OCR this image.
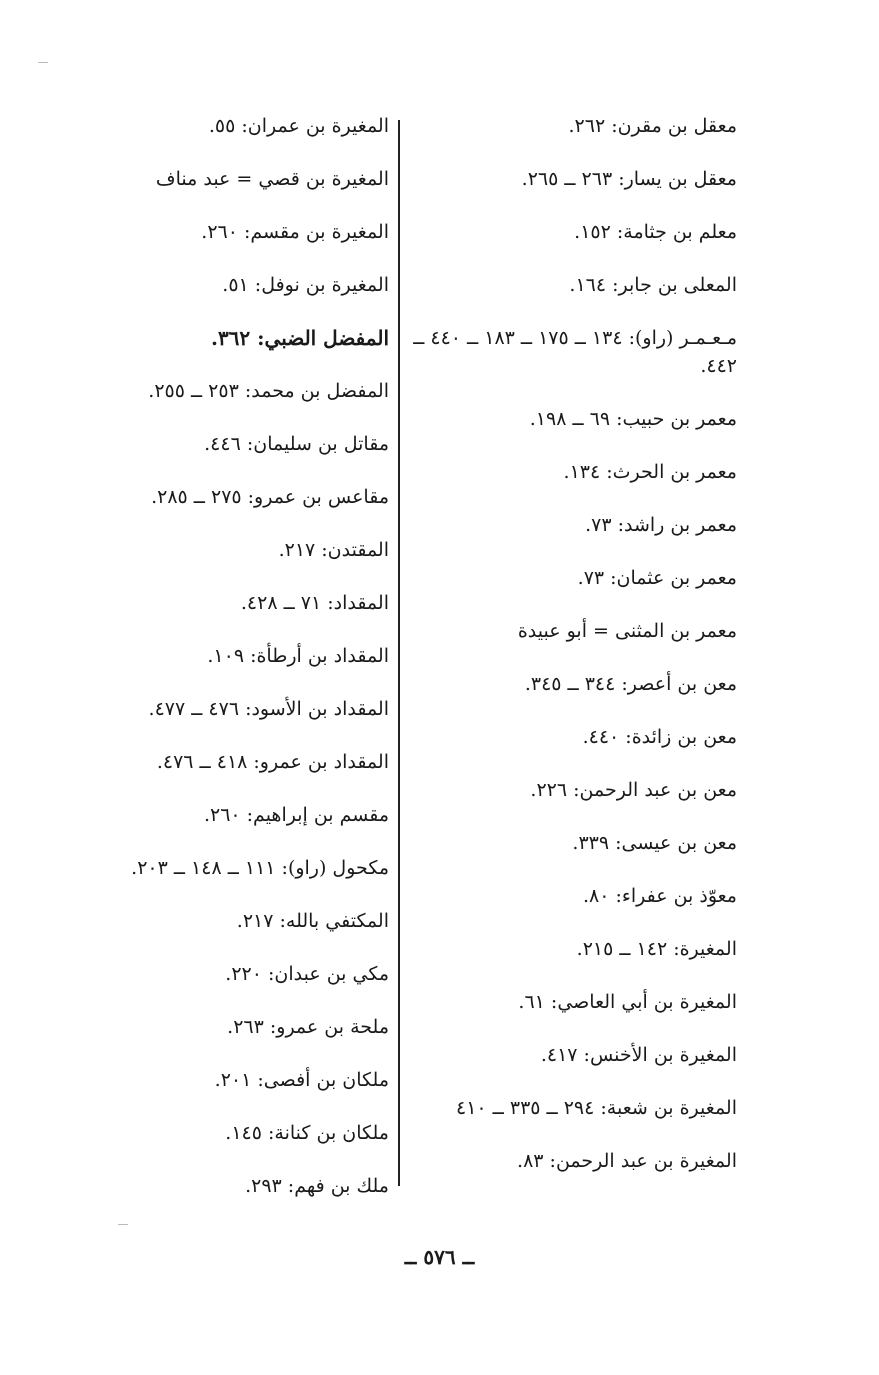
معقل بن مقرن: ٢٦٢.
معقل بن يسار: ٢٦٣ ــ ٢٦٥.
معلم بن جثامة: ١٥٢.
المعلى بن جابر: ١٦٤.
مـعـمـر (راو): ١٣٤ ــ ١٧٥ ــ ١٨٣ ــ ٤٤٠ ــ ٤٤٢.
معمر بن حبيب: ٦٩ ــ ١٩٨.
معمر بن الحرث: ١٣٤.
معمر بن راشد: ٧٣.
معمر بن عثمان: ٧٣.
معمر بن المثنى = أبو عبيدة
معن بن أعصر: ٣٤٤ ــ ٣٤٥.
معن بن زائدة: ٤٤٠.
معن بن عبد الرحمن: ٢٢٦.
معن بن عيسى: ٣٣٩.
معوّذ بن عفراء: ٨٠.
المغيرة: ١٤٢ ــ ٢١٥.
المغيرة بن أبي العاصي: ٦١.
المغيرة بن الأخنس: ٤١٧.
المغيرة بن شعبة: ٢٩٤ ــ ٣٣٥ ــ ٤١٠
المغيرة بن عبد الرحمن: ٨٣.
المغيرة بن عمران: ٥٥.
المغيرة بن قصي = عبد مناف
المغيرة بن مقسم: ٢٦٠.
المغيرة بن نوفل: ٥١.
المفضل الضبي: ٣٦٢.
المفضل بن محمد: ٢٥٣ ــ ٢٥٥.
مقاتل بن سليمان: ٤٤٦.
مقاعس بن عمرو: ٢٧٥ ــ ٢٨٥.
المقتدن: ٢١٧.
المقداد: ٧١ ــ ٤٢٨.
المقداد بن أرطأة: ١٠٩.
المقداد بن الأسود: ٤٧٦ ــ ٤٧٧.
المقداد بن عمرو: ٤١٨ ــ ٤٧٦.
مقسم بن إبراهيم: ٢٦٠.
مكحول (راو): ١١١ ــ ١٤٨ ــ ٢٠٣.
المكتفي بالله: ٢١٧.
مكي بن عبدان: ٢٢٠.
ملحة بن عمرو: ٢٦٣.
ملكان بن أفصى: ٢٠١.
ملكان بن كنانة: ١٤٥.
ملك بن فهم: ٢٩٣.
ــ ٥٧٦ ــ
